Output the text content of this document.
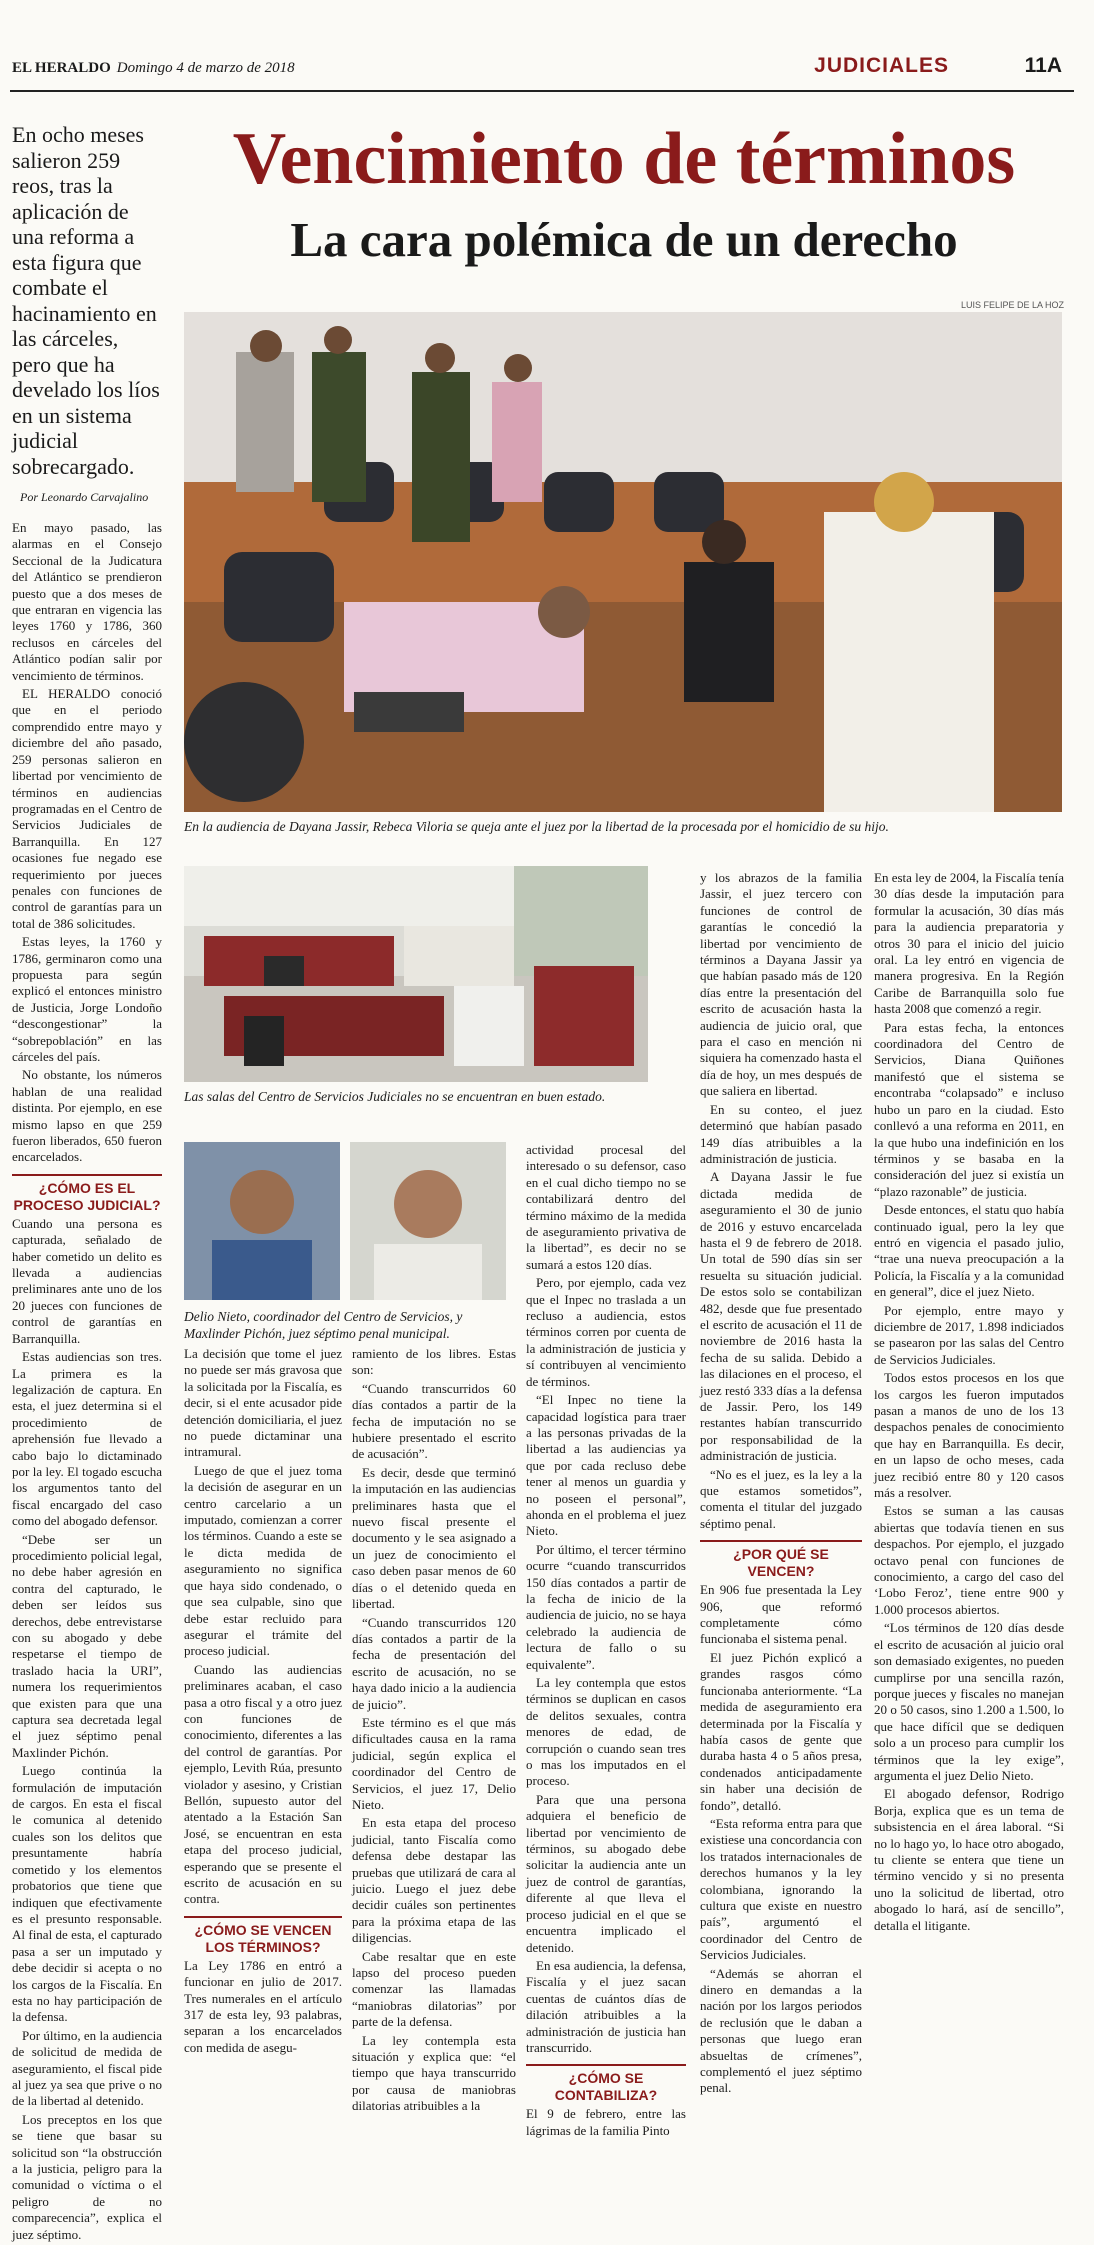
EL HERALDO Domingo 4 de marzo de 2018	JUDICIALES	11A
En ocho meses salieron 259 reos, tras la aplicación de una reforma a esta figura que combate el hacinamiento en las cárceles, pero que ha develado los líos en un sistema judicial sobrecargado.
Por Leonardo Carvajalino
Vencimiento de términos
La cara polémica de un derecho
LUIS FELIPE DE LA HOZ
En la audiencia de Dayana Jassir, Rebeca Viloria se queja ante el juez por la libertad de la procesada por el homicidio de su hijo.
Las salas del Centro de Servicios Judiciales no se encuentran en buen estado.
Delio Nieto, coordinador del Centro de Servicios, y Maxlinder Pichón, juez séptimo penal municipal.

En mayo pasado, las alarmas en el Consejo Seccional de la Judicatura del Atlántico se prendieron puesto que a dos meses de que entraran en vigencia las leyes 1760 y 1786, 360 reclusos en cárceles del Atlántico podían salir por vencimiento de términos.

EL HERALDO conoció que en el periodo comprendido entre mayo y diciembre del año pasado, 259 personas salieron en libertad por vencimiento de términos en audiencias programadas en el Centro de Servicios Judiciales de Barranquilla. En 127 ocasiones fue negado ese requerimiento por jueces penales con funciones de control de garantías para un total de 386 solicitudes.

Estas leyes, la 1760 y 1786, germinaron como una propuesta para según explicó el entonces ministro de Justicia, Jorge Londoño “descongestionar” la “sobrepoblación” en las cárceles del país.

No obstante, los números hablan de una realidad distinta. Por ejemplo, en ese mismo lapso en que 259 fueron liberados, 650 fueron encarcelados.

¿CÓMO ES EL PROCESO JUDICIAL?

Cuando una persona es capturada, señalado de haber cometido un delito es llevada a audiencias preliminares ante uno de los 20 jueces con funciones de control de garantías en Barranquilla.

Estas audiencias son tres. La primera es la legalización de captura. En esta, el juez determina si el procedimiento de aprehensión fue llevado a cabo bajo lo dictaminado por la ley. El togado escucha los argumentos tanto del fiscal encargado del caso como del abogado defensor.

“Debe ser un procedimiento policial legal, no debe haber agresión en contra del capturado, le deben ser leídos sus derechos, debe entrevistarse con su abogado y debe respetarse el tiempo de traslado hacia la URI”, numera los requerimientos que existen para que una captura sea decretada legal el juez séptimo penal Maxlinder Pichón.

Luego continúa la formulación de imputación de cargos. En esta el fiscal le comunica al detenido cuales son los delitos que presuntamente habría cometido y los elementos probatorios que tiene que indiquen que efectivamente es el presunto responsable. Al final de esta, el capturado pasa a ser un imputado y debe decidir si acepta o no los cargos de la Fiscalía. En esta no hay participación de la defensa.

Por último, en la audiencia de solicitud de medida de aseguramiento, el fiscal pide al juez ya sea que prive o no de la libertad al detenido.

Los preceptos en los que se tiene que basar su solicitud son “la obstrucción a la justicia, peligro para la comunidad o víctima o el peligro de no comparecencia”, explica el juez séptimo.

La decisión que tome el juez no puede ser más gravosa que la solicitada por la Fiscalía, es decir, si el ente acusador pide detención domiciliaria, el juez no puede dictaminar una intramural.

Luego de que el juez toma la decisión de asegurar en un centro carcelario a un imputado, comienzan a correr los términos. Cuando a este se le dicta medida de aseguramiento no significa que haya sido condenado, o que sea culpable, sino que debe estar recluido para asegurar el trámite del proceso judicial.

Cuando las audiencias preliminares acaban, el caso pasa a otro fiscal y a otro juez con funciones de conocimiento, diferentes a las del control de garantías. Por ejemplo, Levith Rúa, presunto violador y asesino, y Cristian Bellón, supuesto autor del atentado a la Estación San José, se encuentran en esta etapa del proceso judicial, esperando que se presente el escrito de acusación en su contra.

¿CÓMO SE VENCEN LOS TÉRMINOS?

La Ley 1786 en entró a funcionar en julio de 2017. Tres numerales en el artículo 317 de esta ley, 93 palabras, separan a los encarcelados con medida de asegu-

ramiento de los libres. Estas son:

“Cuando transcurridos 60 días contados a partir de la fecha de imputación no se hubiere presentado el escrito de acusación”.

Es decir, desde que terminó la imputación en las audiencias preliminares hasta que el nuevo fiscal presente el documento y le sea asignado a un juez de conocimiento el caso deben pasar menos de 60 días o el detenido queda en libertad.

“Cuando transcurridos 120 días contados a partir de la fecha de presentación del escrito de acusación, no se haya dado inicio a la audiencia de juicio”.

Este término es el que más dificultades causa en la rama judicial, según explica el coordinador del Centro de Servicios, el juez 17, Delio Nieto.

En esta etapa del proceso judicial, tanto Fiscalía como defensa debe destapar las pruebas que utilizará de cara al juicio. Luego el juez debe decidir cuáles son pertinentes para la próxima etapa de las diligencias.

Cabe resaltar que en este lapso del proceso pueden comenzar las llamadas “maniobras dilatorias” por parte de la defensa.

La ley contempla esta situación y explica que: “el tiempo que haya transcurrido por causa de maniobras dilatorias atribuibles a la

actividad procesal del interesado o su defensor, caso en el cual dicho tiempo no se contabilizará dentro del término máximo de la medida de aseguramiento privativa de la libertad”, es decir no se sumará a estos 120 días.

Pero, por ejemplo, cada vez que el Inpec no traslada a un recluso a audiencia, estos términos corren por cuenta de la administración de justicia y sí contribuyen al vencimiento de términos.

“El Inpec no tiene la capacidad logística para traer a las personas privadas de la libertad a las audiencias ya que por cada recluso debe tener al menos un guardia y no poseen el personal”, ahonda en el problema el juez Nieto.

Por último, el tercer término ocurre “cuando transcurridos 150 días contados a partir de la fecha de inicio de la audiencia de juicio, no se haya celebrado la audiencia de lectura de fallo o su equivalente”.

La ley contempla que estos términos se duplican en casos de delitos sexuales, contra menores de edad, de corrupción o cuando sean tres o mas los imputados en el proceso.

Para que una persona adquiera el beneficio de libertad por vencimiento de términos, su abogado debe solicitar la audiencia ante un juez de control de garantías, diferente al que lleva el proceso judicial en el que se encuentra implicado el detenido.

En esa audiencia, la defensa, Fiscalía y el juez sacan cuentas de cuántos días de dilación atribuibles a la administración de justicia han transcurrido.

¿CÓMO SE CONTABILIZA?

El 9 de febrero, entre las lágrimas de la familia Pinto

y los abrazos de la familia Jassir, el juez tercero con funciones de control de garantías le concedió la libertad por vencimiento de términos a Dayana Jassir ya que habían pasado más de 120 días entre la presentación del escrito de acusación hasta la audiencia de juicio oral, que para el caso en mención ni siquiera ha comenzado hasta el día de hoy, un mes después de que saliera en libertad.

En su conteo, el juez determinó que habían pasado 149 días atribuibles a la administración de justicia.

A Dayana Jassir le fue dictada medida de aseguramiento el 30 de junio de 2016 y estuvo encarcelada hasta el 9 de febrero de 2018. Un total de 590 días sin ser resuelta su situación judicial. De estos solo se contabilizan 482, desde que fue presentado el escrito de acusación el 11 de noviembre de 2016 hasta la fecha de su salida. Debido a las dilaciones en el proceso, el juez restó 333 días a la defensa de Jassir. Pero, los 149 restantes habían transcurrido por responsabilidad de la administración de justicia.

“No es el juez, es la ley a la que estamos sometidos”, comenta el titular del juzgado séptimo penal.

¿POR QUÉ SE VENCEN?

En 906 fue presentada la Ley 906, que reformó completamente cómo funcionaba el sistema penal.

El juez Pichón explicó a grandes rasgos cómo funcionaba anteriormente. “La medida de aseguramiento era determinada por la Fiscalía y había casos de gente que duraba hasta 4 o 5 años presa, condenados anticipadamente sin haber una decisión de fondo”, detalló.

“Esta reforma entra para que existiese una concordancia con los tratados internacionales de derechos humanos y la ley colombiana, ignorando la cultura que existe en nuestro país”, argumentó el coordinador del Centro de Servicios Judiciales.

“Además se ahorran el dinero en demandas a la nación por los largos periodos de reclusión que le daban a personas que luego eran absueltas de crímenes”, complementó el juez séptimo penal.

En esta ley de 2004, la Fiscalía tenía 30 días desde la imputación para formular la acusación, 30 días más para la audiencia preparatoria y otros 30 para el inicio del juicio oral. La ley entró en vigencia de manera progresiva. En la Región Caribe de Barranquilla solo fue hasta 2008 que comenzó a regir.

Para estas fecha, la entonces coordinadora del Centro de Servicios, Diana Quiñones manifestó que el sistema se encontraba “colapsado” e incluso hubo un paro en la ciudad. Esto conllevó a una reforma en 2011, en la que hubo una indefinición en los términos y se basaba en la consideración del juez si existía un “plazo razonable” de justicia.

Desde entonces, el statu quo había continuado igual, pero la ley que entró en vigencia el pasado julio, “trae una nueva preocupación a la Policía, la Fiscalía y a la comunidad en general”, dice el juez Nieto.

Por ejemplo, entre mayo y diciembre de 2017, 1.898 indiciados se pasearon por las salas del Centro de Servicios Judiciales.

Todos estos procesos en los que los cargos les fueron imputados pasan a manos de uno de los 13 despachos penales de conocimiento que hay en Barranquilla. Es decir, en un lapso de ocho meses, cada juez recibió entre 80 y 120 casos más a resolver.

Estos se suman a las causas abiertas que todavía tienen en sus despachos. Por ejemplo, el juzgado octavo penal con funciones de conocimiento, a cargo del caso del ‘Lobo Feroz’, tiene entre 900 y 1.000 procesos abiertos.

“Los términos de 120 días desde el escrito de acusación al juicio oral son demasiado exigentes, no pueden cumplirse por una sencilla razón, porque jueces y fiscales no manejan 20 o 50 casos, sino 1.200 a 1.500, lo que hace difícil que se dediquen solo a un proceso para cumplir los términos que la ley exige”, argumenta el juez Delio Nieto.

El abogado defensor, Rodrigo Borja, explica que es un tema de subsistencia en el área laboral. “Si no lo hago yo, lo hace otro abogado, tu cliente se entera que tiene un término vencido y si no presenta uno la solicitud de libertad, otro abogado lo hará, así de sencillo”, detalla el litigante.
